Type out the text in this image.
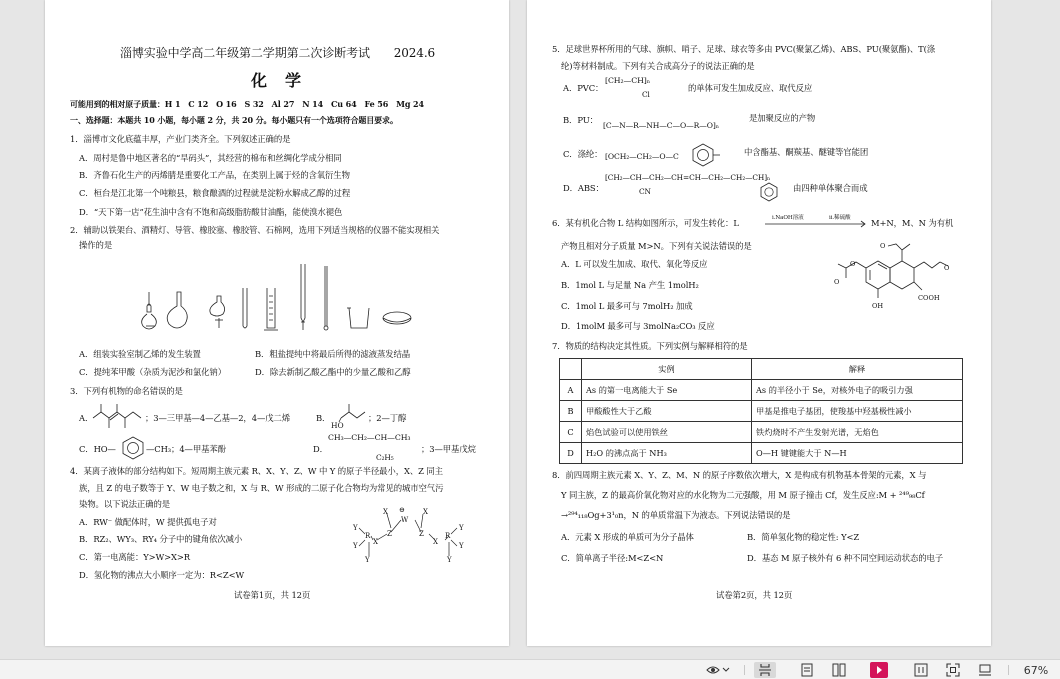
淄博实验中学高二年级第二学期第二次诊断考试　　2024.6
化学
可能用到的相对原子质量：H 1　C 12　O 16　S 32　Al 27　N 14　Cu 64　Fe 56　Mg 24
一、选择题：本题共 10 小题，每小题 2 分，共 20 分。每小题只有一个选项符合题目要求。
1．淄博市文化底蕴丰厚，产业门类齐全。下列叙述正确的是
A．周村是鲁中地区著名的“旱码头”，其经营的棉布和丝绸化学成分相同
B．齐鲁石化生产的丙烯腈是重要化工产品，在类别上属于烃的含氧衍生物
C．桓台是江北第一个吨粮县，粮食酿酒的过程就是淀粉水解成乙醇的过程
D．“天下第一店”花生油中含有不饱和高级脂肪酸甘油酯，能使溴水褪色
2．辅助以铁架台、酒精灯、导管、橡胶塞、橡胶管、石棉网，选用下列适当规格的仪器不能实现相关
操作的是
A．组装实验室制乙烯的发生装置	B．粗盐提纯中将最后所得的滤液蒸发结晶
C．提纯苯甲酸（杂质为泥沙和氯化钠）	D．除去新制乙酸乙酯中的少量乙酸和乙醇
3．下列有机物的命名错误的是
A．	；3—三甲基—4—乙基—2，4—戊二烯	B．
HO
；2—丁醇
C．HO—	—CH₃；4—甲基苯酚	D．
CH₃—CH₂—CH—CH₃
C₂H₅
；3—甲基戊烷
4．某离子液体的部分结构如下。短周期主族元素 R、X、Y、Z、W 中 Y 的原子半径最小，X、Z 同主
族，且 Z 的电子数等于 Y、W 电子数之和，X 与 R、W 形成的二原子化合物均为常见的城市空气污
染物。以下说法正确的是
A．RW⁻ 做配体时，W 提供孤电子对
B．RZ₂、WY₃、RY₄ 分子中的键角依次减小
C．第一电离能：Y>W>X>R
D．氢化物的沸点大小顺序一定为：R<Z<W
⊖
W
X	X
Z	Z
X	X
R	R
Y
Y
Y
Y
Y
Y
试卷第1页，共 12页
5．足球世界杯所用的气球、旗帜、哨子、足球、球衣等多由 PVC(聚氯乙烯)、ABS、PU(聚氨酯)、T(涤
纶)等材料制成。下列有关合成高分子的说法正确的是
A．PVC：
[CH₂—CH]ₙ
Cl
的单体可发生加成反应、取代反应
B．PU：
[C—N—R—NH—C—O—R—O]ₙ
是加聚反应的产物
C．涤纶： [OCH₂—CH₂—O—C	中含酯基、酮羰基、醚键等官能团
D．ABS：
[CH₂—CH—CH₂—CH=CH—CH₂—CH₂—CH]ₙ
CN	由四种单体聚合而成
6．某有机化合物 L 结构如图所示，可发生转化：L	i.NaOH溶液	ii.稀硫酸 M+N，M、N 为有机
产物且相对分子质量 M>N。下列有关说法错误的是
A．L 可以发生加成、取代、氧化等反应
B．1mol L 与足量 Na 产生 1molH₂
C．1mol L 最多可与 7molH₂ 加成
D．1molM 最多可与 3molNa₂CO₃ 反应
O
O
O
O
OH
COOH
7．物质的结构决定其性质。下列实例与解释相符的是
	实例	解释
A	As 的第一电离能大于 Se	As 的半径小于 Se，对核外电子的吸引力强
B	甲酸酸性大于乙酸	甲基是推电子基团，使羧基中羟基极性减小
C	焰色试验可以使用铁丝	铁灼烧时不产生发射光谱，无焰色
D	H₂O 的沸点高于 NH₃	O—H 键键能大于 N—H
8．前四周期主族元素 X、Y、Z、M、N 的原子序数依次增大，X 是构成有机物基本骨架的元素，X 与
Y 同主族，Z 的最高价氧化物对应的水化物为二元强酸，用 M 原子撞击 Cf，发生反应:M + ²⁴⁹₉₈Cf
→²⁹⁴₁₁₈Og+3¹₀n，N 的单质常温下为液态。下列说法错误的是
A．元素 X 形成的单质可为分子晶体	B．简单氢化物的稳定性: Y<Z
C．简单离子半径:M<Z<N	D．基态 M 原子核外有 6 种不同空间运动状态的电子
试卷第2页，共 12页
67%
